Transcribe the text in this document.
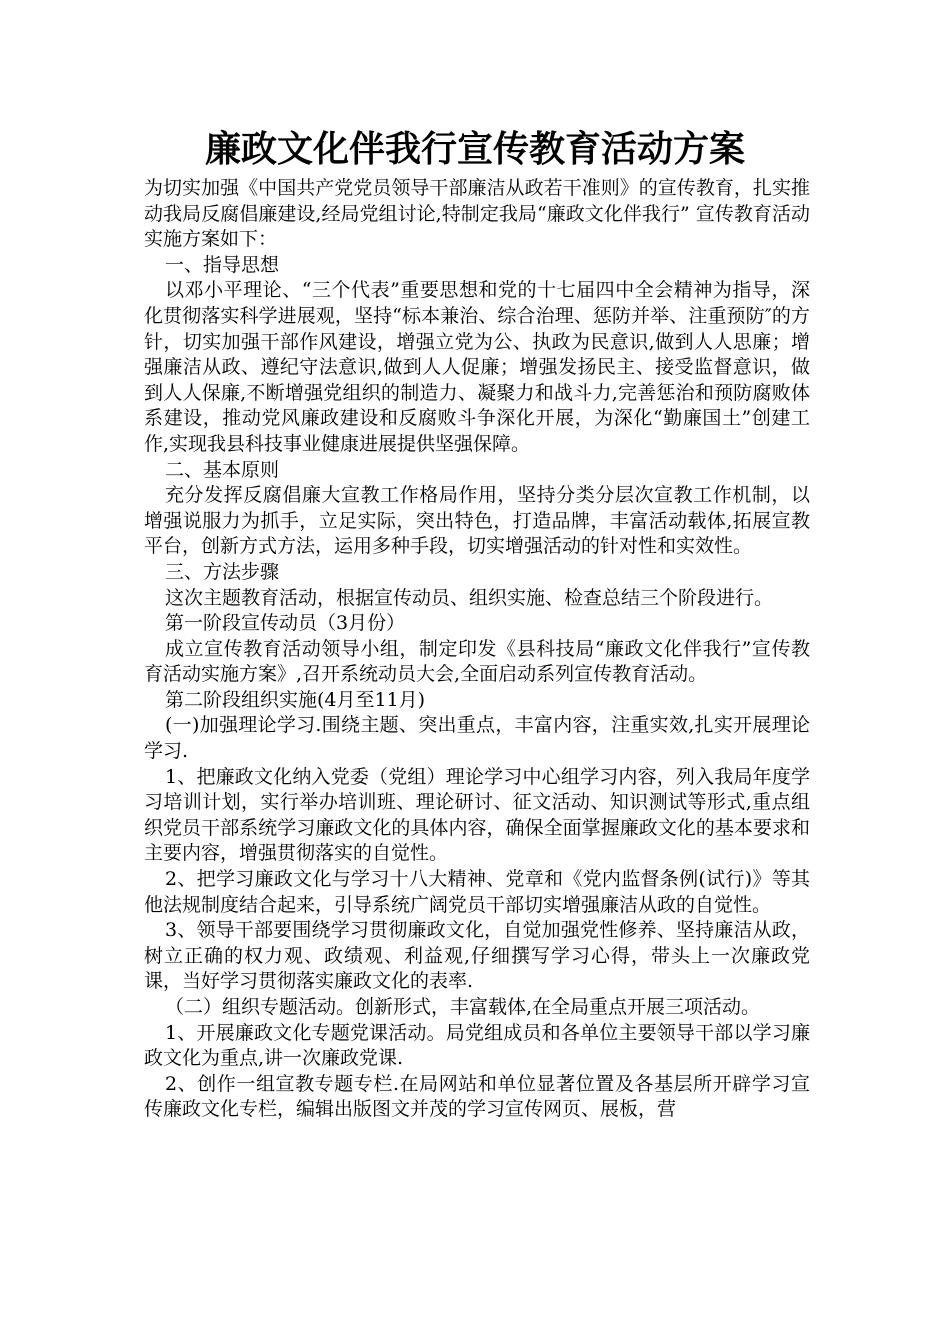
廉政文化伴我行宣传教育活动方案

为切实加强《中国共产党党员领导干部廉洁从政若干准则》的宣传教育，扎实推动我局反腐倡廉建设,经局党组讨论,特制定我局“廉政文化伴我行” 宣传教育活动实施方案如下：

一、指导思想

以邓小平理论、“三个代表”重要思想和党的十七届四中全会精神为指导，深化贯彻落实科学进展观，坚持“标本兼治、综合治理、惩防并举、注重预防″的方针，切实加强干部作风建设，增强立党为公、执政为民意识,做到人人思廉；增强廉洁从政、遵纪守法意识,做到人人促廉；增强发扬民主、接受监督意识，做到人人保廉,不断增强党组织的制造力、凝聚力和战斗力,完善惩治和预防腐败体系建设，推动党风廉政建设和反腐败斗争深化开展，为深化“勤廉国土”创建工作,实现我县科技事业健康进展提供坚强保障。

二、基本原则

充分发挥反腐倡廉大宣教工作格局作用，坚持分类分层次宣教工作机制，以增强说服力为抓手，立足实际，突出特色，打造品牌，丰富活动载体,拓展宣教平台，创新方式方法，运用多种手段，切实增强活动的针对性和实效性。

三、方法步骤

这次主题教育活动，根据宣传动员、组织实施、检查总结三个阶段进行。

第一阶段宣传动员（3月份）

成立宣传教育活动领导小组，制定印发《县科技局“廉政文化伴我行”宣传教育活动实施方案》,召开系统动员大会,全面启动系列宣传教育活动。

第二阶段组织实施(4月至11月)

(一)加强理论学习.围绕主题、突出重点，丰富内容，注重实效,扎实开展理论学习.

1、把廉政文化纳入党委（党组）理论学习中心组学习内容，列入我局年度学习培训计划，实行举办培训班、理论研讨、征文活动、知识测试等形式,重点组织党员干部系统学习廉政文化的具体内容，确保全面掌握廉政文化的基本要求和主要内容，增强贯彻落实的自觉性。

2、把学习廉政文化与学习十八大精神、党章和《党内监督条例(试行)》等其他法规制度结合起来，引导系统广阔党员干部切实增强廉洁从政的自觉性。

3、领导干部要围绕学习贯彻廉政文化，自觉加强党性修养、坚持廉洁从政，树立正确的权力观、政绩观、利益观,仔细撰写学习心得，带头上一次廉政党课，当好学习贯彻落实廉政文化的表率.

（二）组织专题活动。创新形式，丰富载体,在全局重点开展三项活动。

1、开展廉政文化专题党课活动。局党组成员和各单位主要领导干部以学习廉政文化为重点,讲一次廉政党课.

2、创作一组宣教专题专栏.在局网站和单位显著位置及各基层所开辟学习宣传廉政文化专栏，编辑出版图文并茂的学习宣传网页、展板，营
